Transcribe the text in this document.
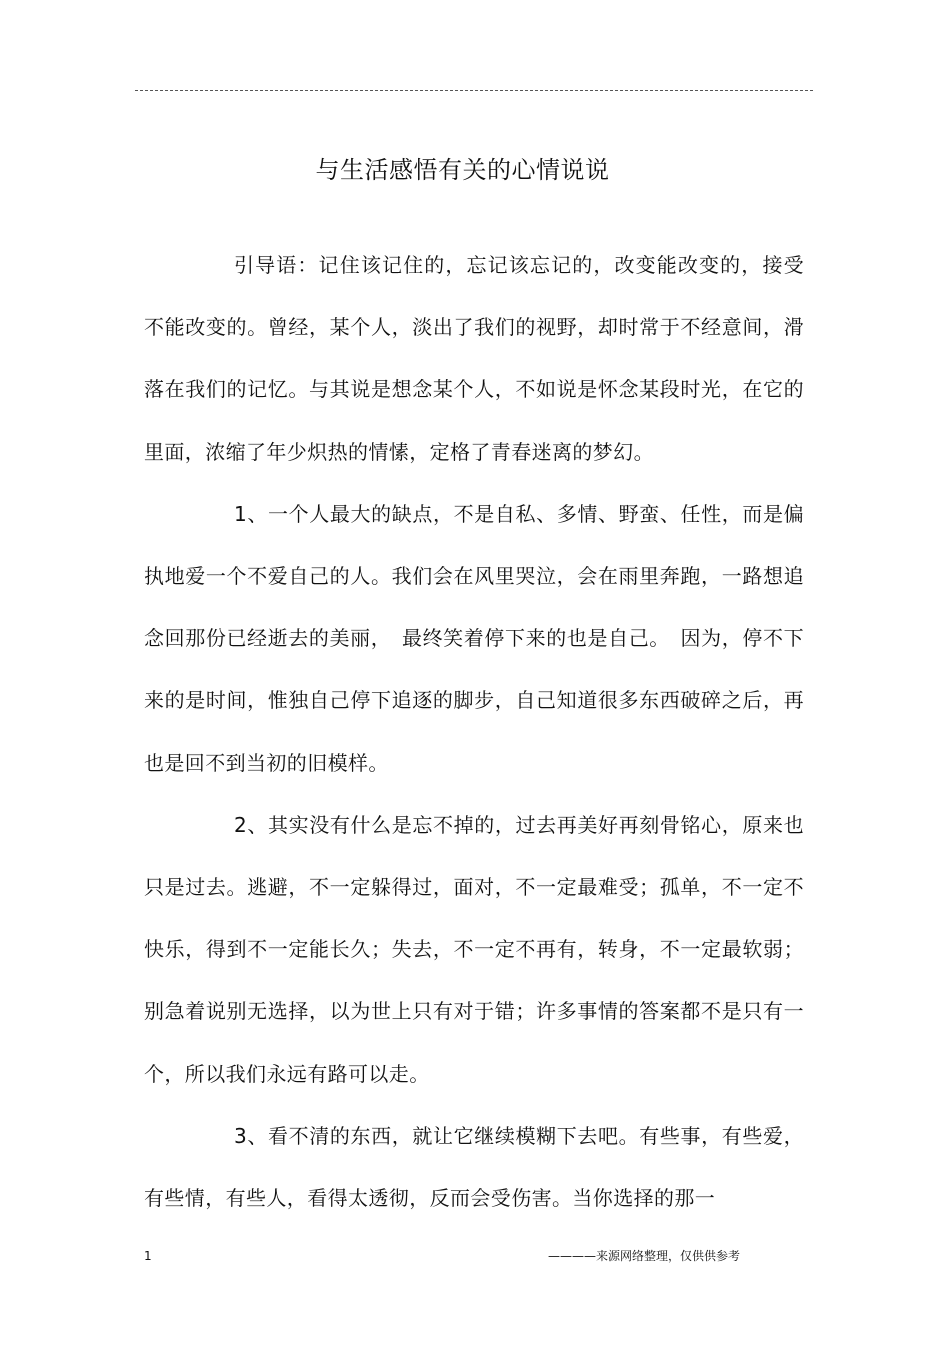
与生活感悟有关的心情说说

引导语：记住该记住的，忘记该忘记的，改变能改变的，接受不能改变的。曾经，某个人，淡出了我们的视野，却时常于不经意间，滑落在我们的记忆。与其说是想念某个人，不如说是怀念某段时光，在它的里面，浓缩了年少炽热的情愫，定格了青春迷离的梦幻。

1、一个人最大的缺点，不是自私、多情、野蛮、任性，而是偏执地爱一个不爱自己的人。我们会在风里哭泣，会在雨里奔跑，一路想追念回那份已经逝去的美丽，　最终笑着停下来的也是自己。　因为，停不下来的是时间，惟独自己停下追逐的脚步，自己知道很多东西破碎之后，再也是回不到当初的旧模样。

2、其实没有什么是忘不掉的，过去再美好再刻骨铭心，原来也只是过去。逃避，不一定躲得过，面对，不一定最难受；孤单，不一定不快乐，得到不一定能长久；失去，不一定不再有，转身，不一定最软弱；别急着说别无选择，以为世上只有对于错；许多事情的答案都不是只有一个，所以我们永远有路可以走。

3、看不清的东西，就让它继续模糊下去吧。有些事，有些爱，有些情，有些人，看得太透彻，反而会受伤害。当你选择的那一

1	————来源网络整理，仅供供参考
